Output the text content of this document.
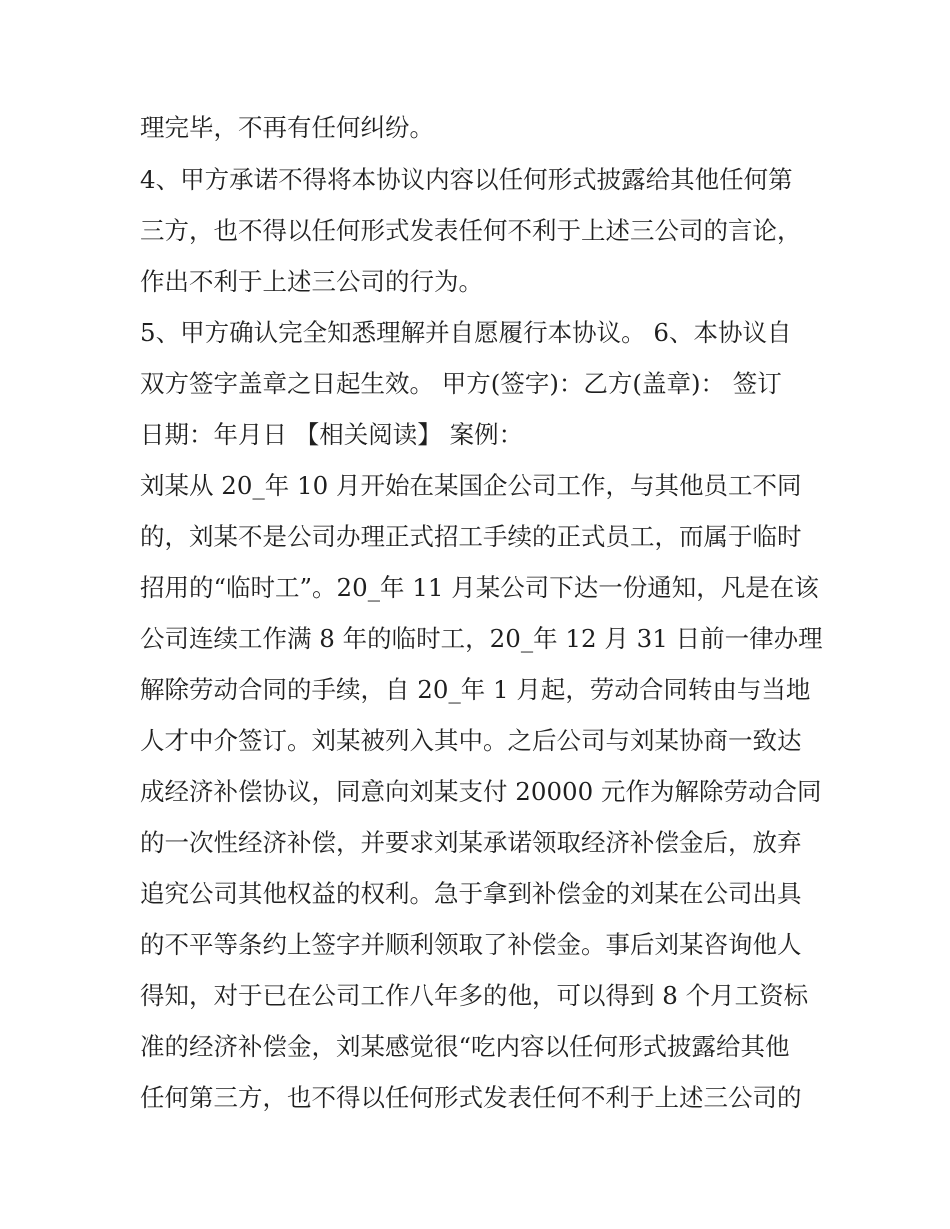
理完毕，不再有任何纠纷。
4、甲方承诺不得将本协议内容以任何形式披露给其他任何第
三方，也不得以任何形式发表任何不利于上述三公司的言论，
作出不利于上述三公司的行为。
5、甲方确认完全知悉理解并自愿履行本协议。 6、本协议自
双方签字盖章之日起生效。 甲方(签字)：乙方(盖章)： 签订
日期：年月日 【相关阅读】 案例：
刘某从 20_年 10 月开始在某国企公司工作，与其他员工不同
的，刘某不是公司办理正式招工手续的正式员工，而属于临时
招用的“临时工”。20_年 11 月某公司下达一份通知，凡是在该
公司连续工作满 8 年的临时工，20_年 12 月 31 日前一律办理
解除劳动合同的手续，自 20_年 1 月起，劳动合同转由与当地
人才中介签订。刘某被列入其中。之后公司与刘某协商一致达
成经济补偿协议，同意向刘某支付 20000 元作为解除劳动合同
的一次性经济补偿，并要求刘某承诺领取经济补偿金后，放弃
追究公司其他权益的权利。急于拿到补偿金的刘某在公司出具
的不平等条约上签字并顺利领取了补偿金。事后刘某咨询他人
得知，对于已在公司工作八年多的他，可以得到 8 个月工资标
准的经济补偿金，刘某感觉很“吃内容以任何形式披露给其他
任何第三方，也不得以任何形式发表任何不利于上述三公司的
